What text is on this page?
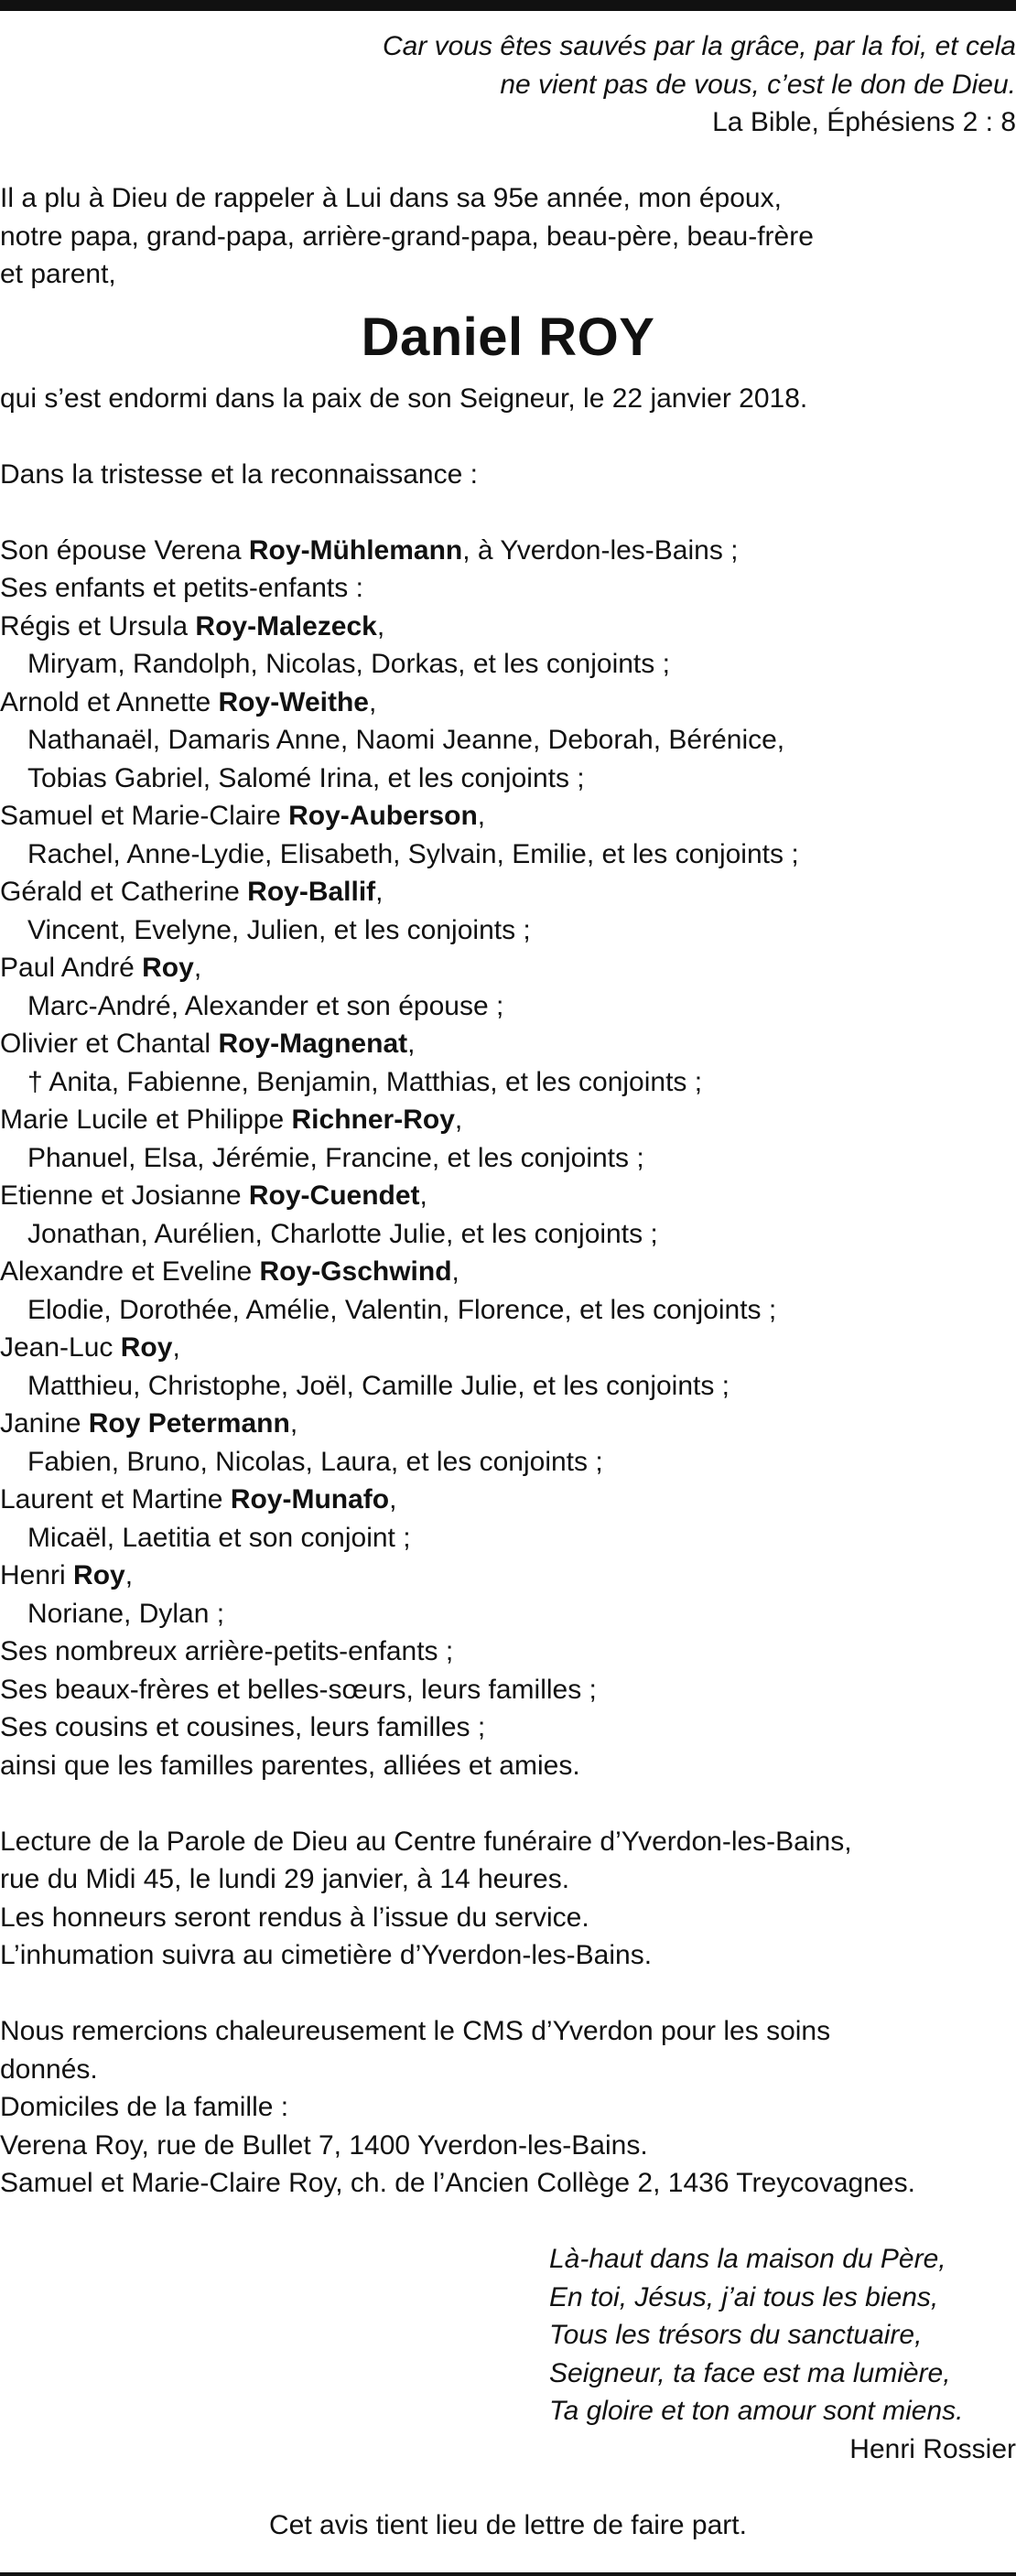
Car vous êtes sauvés par la grâce, par la foi, et cela
ne vient pas de vous, c’est le don de Dieu.
La Bible, Éphésiens 2 : 8
Il a plu à Dieu de rappeler à Lui dans sa 95e année, mon époux,
notre papa, grand-papa, arrière-grand-papa, beau-père, beau-frère
et parent,
Daniel ROY
qui s’est endormi dans la paix de son Seigneur, le 22 janvier 2018.
Dans la tristesse et la reconnaissance :
Son épouse Verena Roy-Mühlemann, à Yverdon-les-Bains ;
Ses enfants et petits-enfants :
Régis et Ursula Roy-Malezeck,
Miryam, Randolph, Nicolas, Dorkas, et les conjoints ;
Arnold et Annette Roy-Weithe,
Nathanaël, Damaris Anne, Naomi Jeanne, Deborah, Bérénice,
Tobias Gabriel, Salomé Irina, et les conjoints ;
Samuel et Marie-Claire Roy-Auberson,
Rachel, Anne-Lydie, Elisabeth, Sylvain, Emilie, et les conjoints ;
Gérald et Catherine Roy-Ballif,
Vincent, Evelyne, Julien, et les conjoints ;
Paul André Roy,
Marc-André, Alexander et son épouse ;
Olivier et Chantal Roy-Magnenat,
† Anita, Fabienne, Benjamin, Matthias, et les conjoints ;
Marie Lucile et Philippe Richner-Roy,
Phanuel, Elsa, Jérémie, Francine, et les conjoints ;
Etienne et Josianne Roy-Cuendet,
Jonathan, Aurélien, Charlotte Julie, et les conjoints ;
Alexandre et Eveline Roy-Gschwind,
Elodie, Dorothée, Amélie, Valentin, Florence, et les conjoints ;
Jean-Luc Roy,
Matthieu, Christophe, Joël, Camille Julie, et les conjoints ;
Janine Roy Petermann,
Fabien, Bruno, Nicolas, Laura, et les conjoints ;
Laurent et Martine Roy-Munafo,
Micaël, Laetitia et son conjoint ;
Henri Roy,
Noriane, Dylan ;
Ses nombreux arrière-petits-enfants ;
Ses beaux-frères et belles-sœurs, leurs familles ;
Ses cousins et cousines, leurs familles ;
ainsi que les familles parentes, alliées et amies.
Lecture de la Parole de Dieu au Centre funéraire d’Yverdon-les-Bains,
rue du Midi 45, le lundi 29 janvier, à 14 heures.
Les honneurs seront rendus à l’issue du service.
L’inhumation suivra au cimetière d’Yverdon-les-Bains.
Nous remercions chaleureusement le CMS d’Yverdon pour les soins
donnés.
Domiciles de la famille :
Verena Roy, rue de Bullet 7, 1400 Yverdon-les-Bains.
Samuel et Marie-Claire Roy, ch. de l’Ancien Collège 2, 1436 Treycovagnes.
Là-haut dans la maison du Père,
En toi, Jésus, j’ai tous les biens,
Tous les trésors du sanctuaire,
Seigneur, ta face est ma lumière,
Ta gloire et ton amour sont miens.
Henri Rossier
Cet avis tient lieu de lettre de faire part.
